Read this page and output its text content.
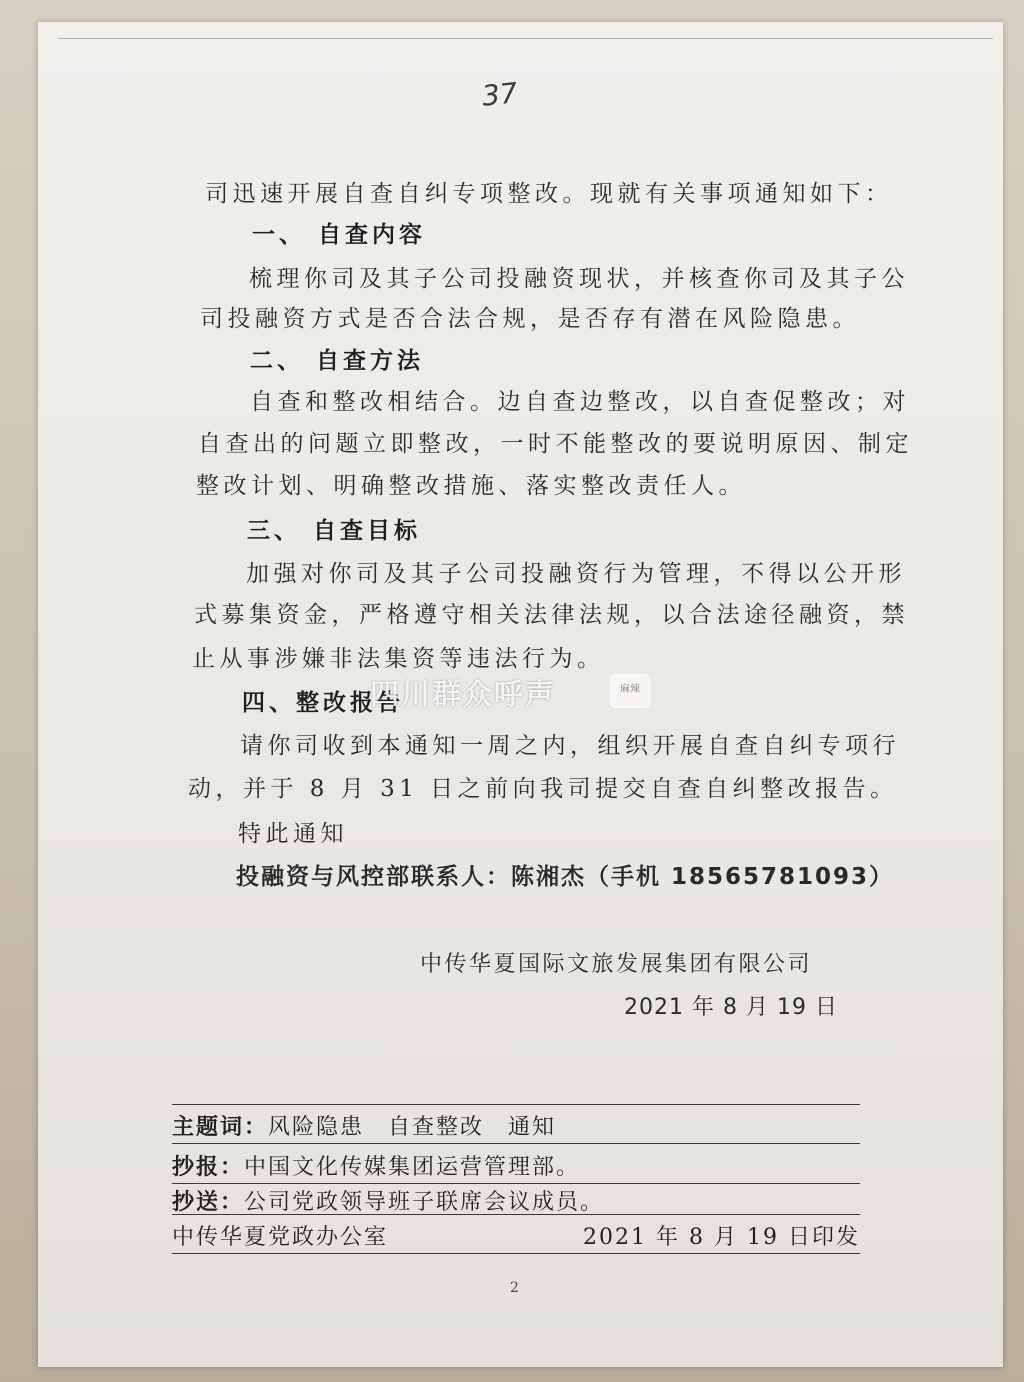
37
司迅速开展自查自纠专项整改。现就有关事项通知如下：
一、 自查内容
梳理你司及其子公司投融资现状，并核查你司及其子公
司投融资方式是否合法合规，是否存有潜在风险隐患。
二、 自查方法
自查和整改相结合。边自查边整改，以自查促整改；对
自查出的问题立即整改，一时不能整改的要说明原因、制定
整改计划、明确整改措施、落实整改责任人。
三、 自查目标
加强对你司及其子公司投融资行为管理，不得以公开形
式募集资金，严格遵守相关法律法规，以合法途径融资，禁
止从事涉嫌非法集资等违法行为。
四、整改报告
请你司收到本通知一周之内，组织开展自查自纠专项行
动，并于 8 月 31 日之前向我司提交自查自纠整改报告。
特此通知
投融资与风控部联系人：陈湘杰（手机 18565781093）
四川群众呼声	麻辣
中传华夏国际文旅发展集团有限公司
2021 年 8 月 19 日
主题词：风险隐患　自查整改　通知
抄报：中国文化传媒集团运营管理部。
抄送：公司党政领导班子联席会议成员。
中传华夏党政办公室	2021 年 8 月 19 日印发
2
